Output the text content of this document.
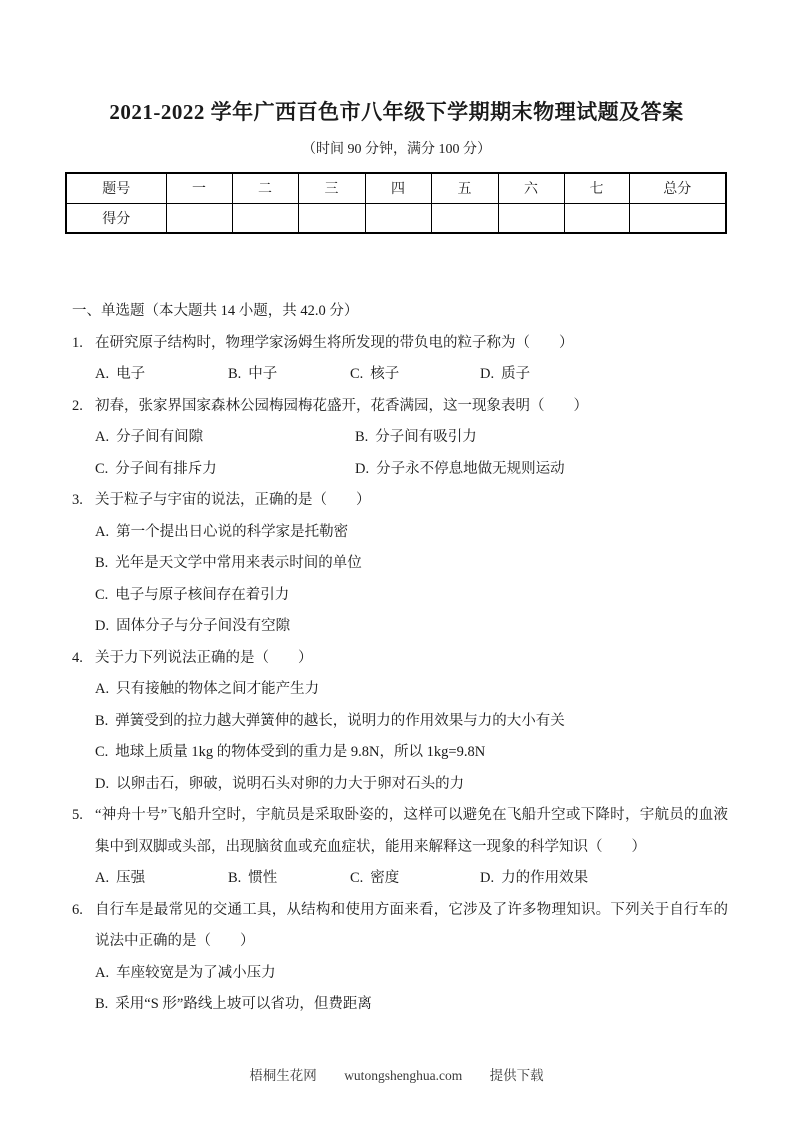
2021-2022 学年广西百色市八年级下学期期末物理试题及答案
（时间 90 分钟，满分 100 分）
题号	一	二	三	四	五	六	七	总分
得分								
一、单选题（本大题共 14 小题，共 42.0 分）
1. 在研究原子结构时，物理学家汤姆生将所发现的带负电的粒子称为（　　）
A. 电子	B. 中子	C. 核子	D. 质子
2. 初春，张家界国家森林公园梅园梅花盛开，花香满园，这一现象表明（　　）
A. 分子间有间隙	B. 分子间有吸引力
C. 分子间有排斥力	D. 分子永不停息地做无规则运动
3. 关于粒子与宇宙的说法，正确的是（　　）
A. 第一个提出日心说的科学家是托勒密
B. 光年是天文学中常用来表示时间的单位
C. 电子与原子核间存在着引力
D. 固体分子与分子间没有空隙
4. 关于力下列说法正确的是（　　）
A. 只有接触的物体之间才能产生力
B. 弹簧受到的拉力越大弹簧伸的越长，说明力的作用效果与力的大小有关
C. 地球上质量 1kg 的物体受到的重力是 9.8N，所以 1kg=9.8N
D. 以卵击石，卵破，说明石头对卵的力大于卵对石头的力
5. “神舟十号”飞船升空时，宇航员是采取卧姿的，这样可以避免在飞船升空或下降时，宇航员的血液集中到双脚或头部，出现脑贫血或充血症状，能用来解释这一现象的科学知识（　　）
A. 压强	B. 惯性	C. 密度	D. 力的作用效果
6. 自行车是最常见的交通工具，从结构和使用方面来看，它涉及了许多物理知识。下列关于自行车的说法中正确的是（　　）
A. 车座较宽是为了减小压力
B. 采用“S 形”路线上坡可以省功，但费距离
梧桐生花网 wutongshenghua.com 提供下载
